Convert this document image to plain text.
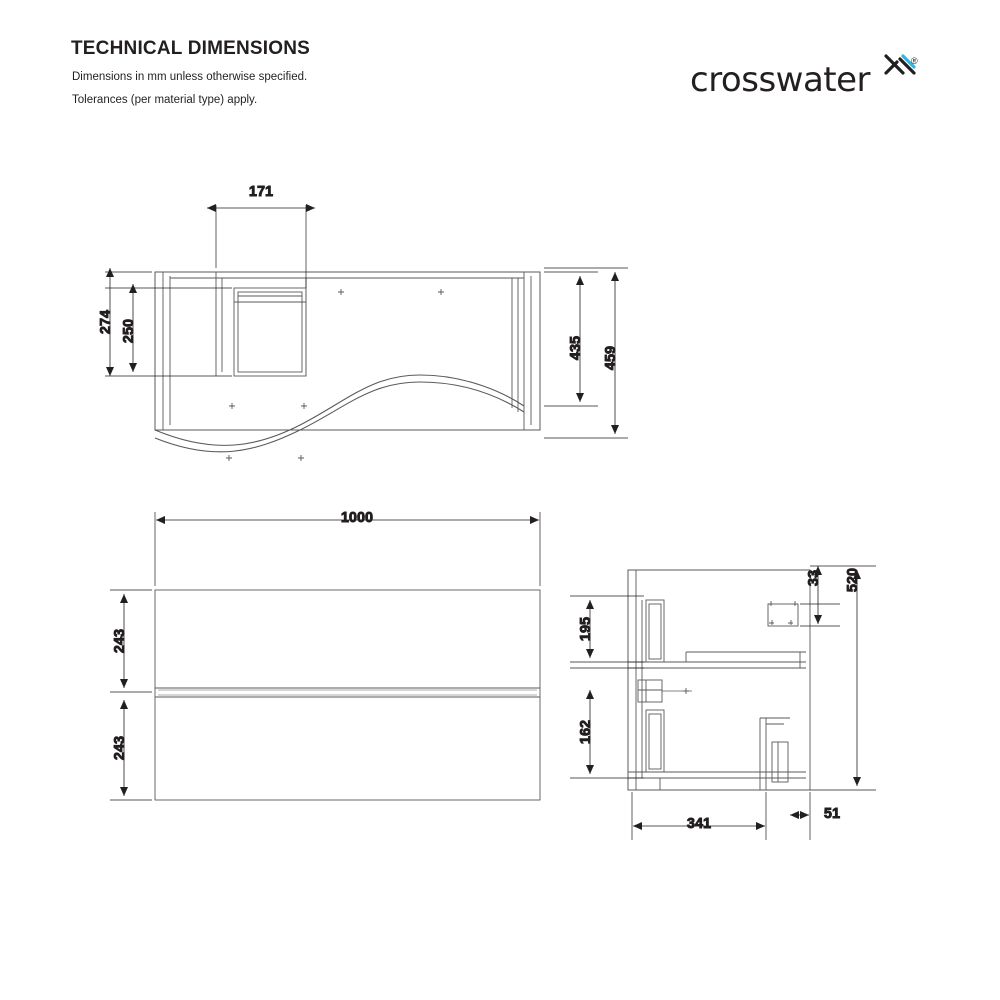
TECHNICAL DIMENSIONS
Dimensions in mm unless otherwise specified.
Tolerances (per material type) apply.	crosswater	®
171
250
274
435 459
1000
243
243
195
162
33 520
341
51
